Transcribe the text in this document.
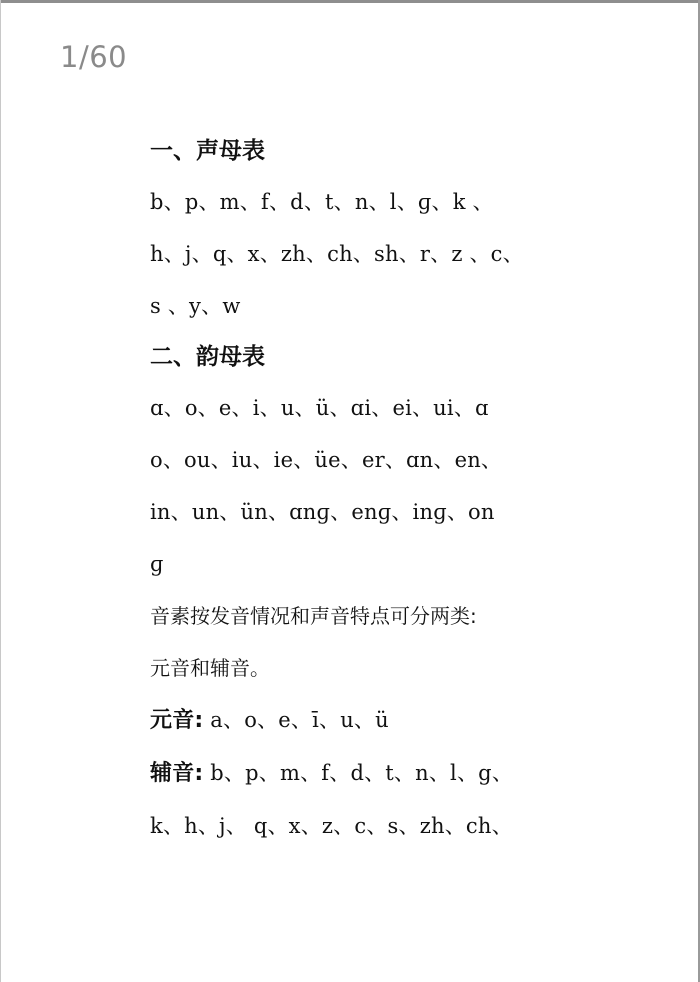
1/60
一、声母表
b、p、m、f、d、t、n、l、ɡ、k 、
h、j、q、x、zh、ch、sh、r、z 、c、
s 、y、w
二、韵母表
ɑ、o、e、i、u、ü、ɑi、ei、ui、ɑ
o、ou、iu、ie、üe、er、ɑn、en、
in、un、ün、ɑnɡ、enɡ、inɡ、on
ɡ
音素按发音情况和声音特点可分两类:
元音和辅音。
元音: a、o、e、ī、u、ü
辅音: b、p、m、f、d、t、n、l、g、
k、h、j、 q、x、z、c、s、zh、ch、
